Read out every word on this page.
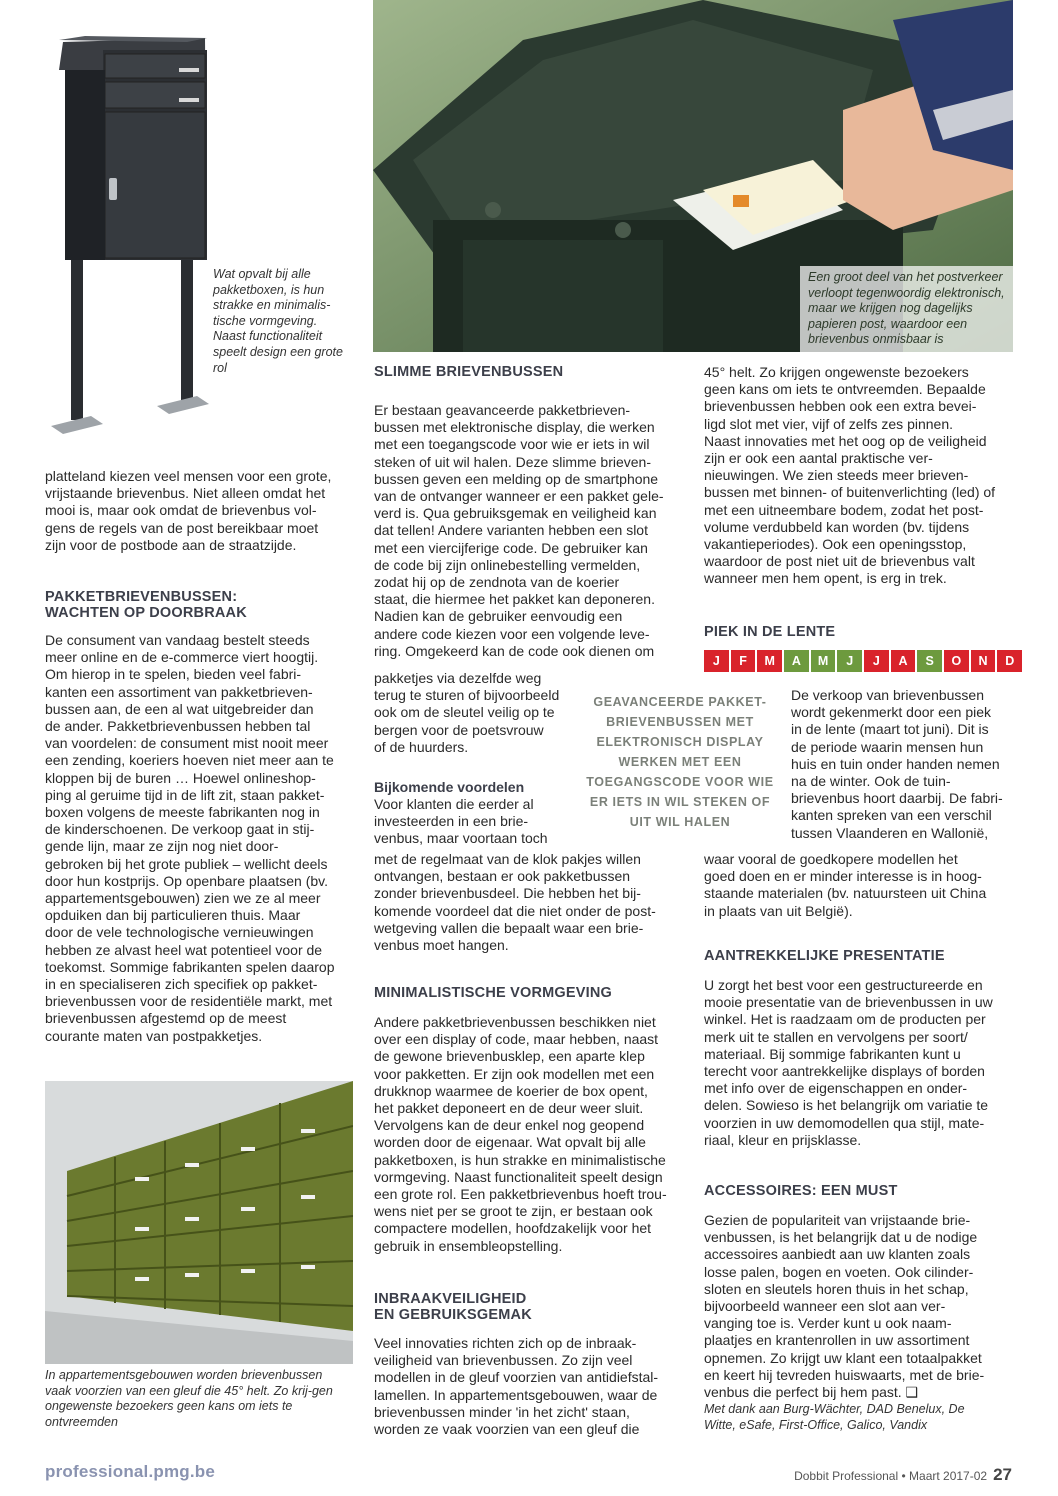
Wat opvalt bij alle pakketboxen, is hun strakke en minimalis-tische vormgeving. Naast functionaliteit speelt design een grote rol
Een groot deel van het postverkeer verloopt tegenwoordig elektronisch, maar we krijgen nog dagelijks papieren post, waardoor een brievenbus onmisbaar is

platteland kiezen veel mensen voor een grote,

vrijstaande brievenbus. Niet alleen omdat het

mooi is, maar ook omdat de brievenbus vol-

gens de regels van de post bereikbaar moet

zijn voor de postbode aan de straatzijde.

PAKKETBRIEVENBUSSEN:
WACHTEN OP DOORBRAAK

De consument van vandaag bestelt steeds

meer online en de e-commerce viert hoogtij.

Om hierop in te spelen, bieden veel fabri-

kanten een assortiment van pakketbrieven-

bussen aan, de een al wat uitgebreider dan

de ander. Pakketbrievenbussen hebben tal

van voordelen: de consument mist nooit meer

een zending, koeriers hoeven niet meer aan te

kloppen bij de buren … Hoewel onlineshop-

ping al geruime tijd in de lift zit, staan pakket-

boxen volgens de meeste fabrikanten nog in

de kinderschoenen. De verkoop gaat in stij-

gende lijn, maar ze zijn nog niet door-

gebroken bij het grote publiek – wellicht deels

door hun kostprijs. Op openbare plaatsen (bv.

appartementsgebouwen) zien we ze al meer

opduiken dan bij particulieren thuis. Maar

door de vele technologische vernieuwingen

hebben ze alvast heel wat potentieel voor de

toekomst. Sommige fabrikanten spelen daarop

in en specialiseren zich specifiek op pakket-

brievenbussen voor de residentiële markt, met

brievenbussen afgestemd op de meest

courante maten van postpakketjes.

In appartementsgebouwen worden brievenbussen vaak voorzien van een gleuf die 45° helt. Zo krij-gen ongewenste bezoekers geen kans om iets te ontvreemden
SLIMME BRIEVENBUSSEN

Er bestaan geavanceerde pakketbrieven-

bussen met elektronische display, die werken

met een toegangscode voor wie er iets in wil

steken of uit wil halen. Deze slimme brieven-

bussen geven een melding op de smartphone

van de ontvanger wanneer er een pakket gele-

verd is. Qua gebruiksgemak en veiligheid kan

dat tellen! Andere varianten hebben een slot

met een viercijferige code. De gebruiker kan

de code bij zijn onlinebestelling vermelden,

zodat hij op de zendnota van de koerier

staat, die hiermee het pakket kan deponeren.

Nadien kan de gebruiker eenvoudig een

andere code kiezen voor een volgende leve-

ring. Omgekeerd kan de code ook dienen om

pakketjes via dezelfde weg

terug te sturen of bijvoorbeeld

ook om de sleutel veilig op te

bergen voor de poetsvrouw

of de huurders.

Bijkomende voordelen

Voor klanten die eerder al

investeerden in een brie-

venbus, maar voortaan toch

met de regelmaat van de klok pakjes willen

ontvangen, bestaan er ook pakketbussen

zonder brievenbusdeel. Die hebben het bij-

komende voordeel dat die niet onder de post-

wetgeving vallen die bepaalt waar een brie-

venbus moet hangen.

MINIMALISTISCHE VORMGEVING

Andere pakketbrievenbussen beschikken niet

over een display of code, maar hebben, naast

de gewone brievenbusklep, een aparte klep

voor pakketten. Er zijn ook modellen met een

drukknop waarmee de koerier de box opent,

het pakket deponeert en de deur weer sluit.

Vervolgens kan de deur enkel nog geopend

worden door de eigenaar. Wat opvalt bij alle

pakketboxen, is hun strakke en minimalistische

vormgeving. Naast functionaliteit speelt design

een grote rol. Een pakketbrievenbus hoeft trou-

wens niet per se groot te zijn, er bestaan ook

compactere modellen, hoofdzakelijk voor het

gebruik in ensembleopstelling.

INBRAAKVEILIGHEID
EN GEBRUIKSGEMAK

Veel innovaties richten zich op de inbraak-

veiligheid van brievenbussen. Zo zijn veel

modellen in de gleuf voorzien van antidiefstal-

lamellen. In appartementsgebouwen, waar de

brievenbussen minder 'in het zicht' staan,

worden ze vaak voorzien van een gleuf die

GEAVANCEERDE PAKKET-BRIEVENBUSSEN MET ELEKTRONISCH DISPLAY WERKEN MET EEN TOEGANGSCODE VOOR WIE ER IETS IN WIL STEKEN OF UIT WIL HALEN

45° helt. Zo krijgen ongewenste bezoekers

geen kans om iets te ontvreemden. Bepaalde

brievenbussen hebben ook een extra bevei-

ligd slot met vier, vijf of zelfs zes pinnen.

Naast innovaties met het oog op de veiligheid

zijn er ook een aantal praktische ver-

nieuwingen. We zien steeds meer brieven-

bussen met binnen- of buitenverlichting (led) of

met een uitneembare bodem, zodat het post-

volume verdubbeld kan worden (bv. tijdens

vakantieperiodes). Ook een openingsstop,

waardoor de post niet uit de brievenbus valt

wanneer men hem opent, is erg in trek.

PIEK IN DE LENTE
J	F	M	A	M	J	J	A	S	O	N	D

De verkoop van brievenbussen

wordt gekenmerkt door een piek

in de lente (maart tot juni). Dit is

de periode waarin mensen hun

huis en tuin onder handen nemen

na de winter. Ook de tuin-

brievenbus hoort daarbij. De fabri-

kanten spreken van een verschil

tussen Vlaanderen en Wallonië,

waar vooral de goedkopere modellen het

goed doen en er minder interesse is in hoog-

staande materialen (bv. natuursteen uit China

in plaats van uit België).

AANTREKKELIJKE PRESENTATIE

U zorgt het best voor een gestructureerde en

mooie presentatie van de brievenbussen in uw

winkel. Het is raadzaam om de producten per

merk uit te stallen en vervolgens per soort/

materiaal. Bij sommige fabrikanten kunt u

terecht voor aantrekkelijke displays of borden

met info over de eigenschappen en onder-

delen. Sowieso is het belangrijk om variatie te

voorzien in uw demomodellen qua stijl, mate-

riaal, kleur en prijsklasse.

ACCESSOIRES: EEN MUST

Gezien de populariteit van vrijstaande brie-

venbussen, is het belangrijk dat u de nodige

accessoires aanbiedt aan uw klanten zoals

losse palen, bogen en voeten. Ook cilinder-

sloten en sleutels horen thuis in het schap,

bijvoorbeeld wanneer een slot aan ver-

vanging toe is. Verder kunt u ook naam-

plaatjes en krantenrollen in uw assortiment

opnemen. Zo krijgt uw klant een totaalpakket

en keert hij tevreden huiswaarts, met de brie-

venbus die perfect bij hem past. ❑

Met dank aan Burg-Wächter, DAD Benelux, De
Witte, eSafe, First-Office, Galico, Vandix
professional.pmg.be	Dobbit Professional • Maart 2017-02 27
